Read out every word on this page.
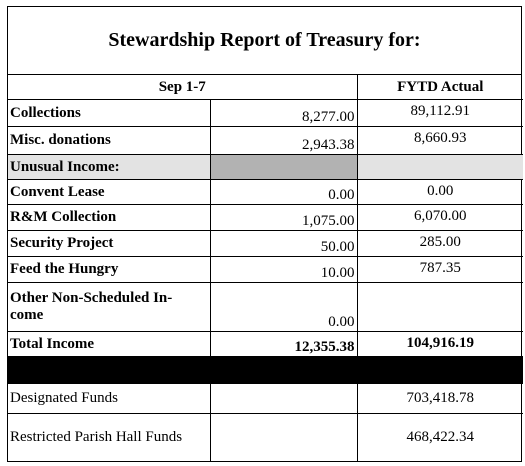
Stewardship Report of Treasury for:
Sep 1-7		FYTD Actual
Collections	8,277.00	89,112.91
Misc. donations	2,943.38	8,660.93
Unusual Income:		
Convent Lease	0.00	0.00
R&M Collection	1,075.00	6,070.00
Security Project	50.00	285.00
Feed the Hungry	10.00	787.35

Other Non-Scheduled In-
come	0.00	
Total Income	12,355.38	104,916.19

Designated Funds		703,418.78
Restricted Parish Hall Funds		468,422.34
